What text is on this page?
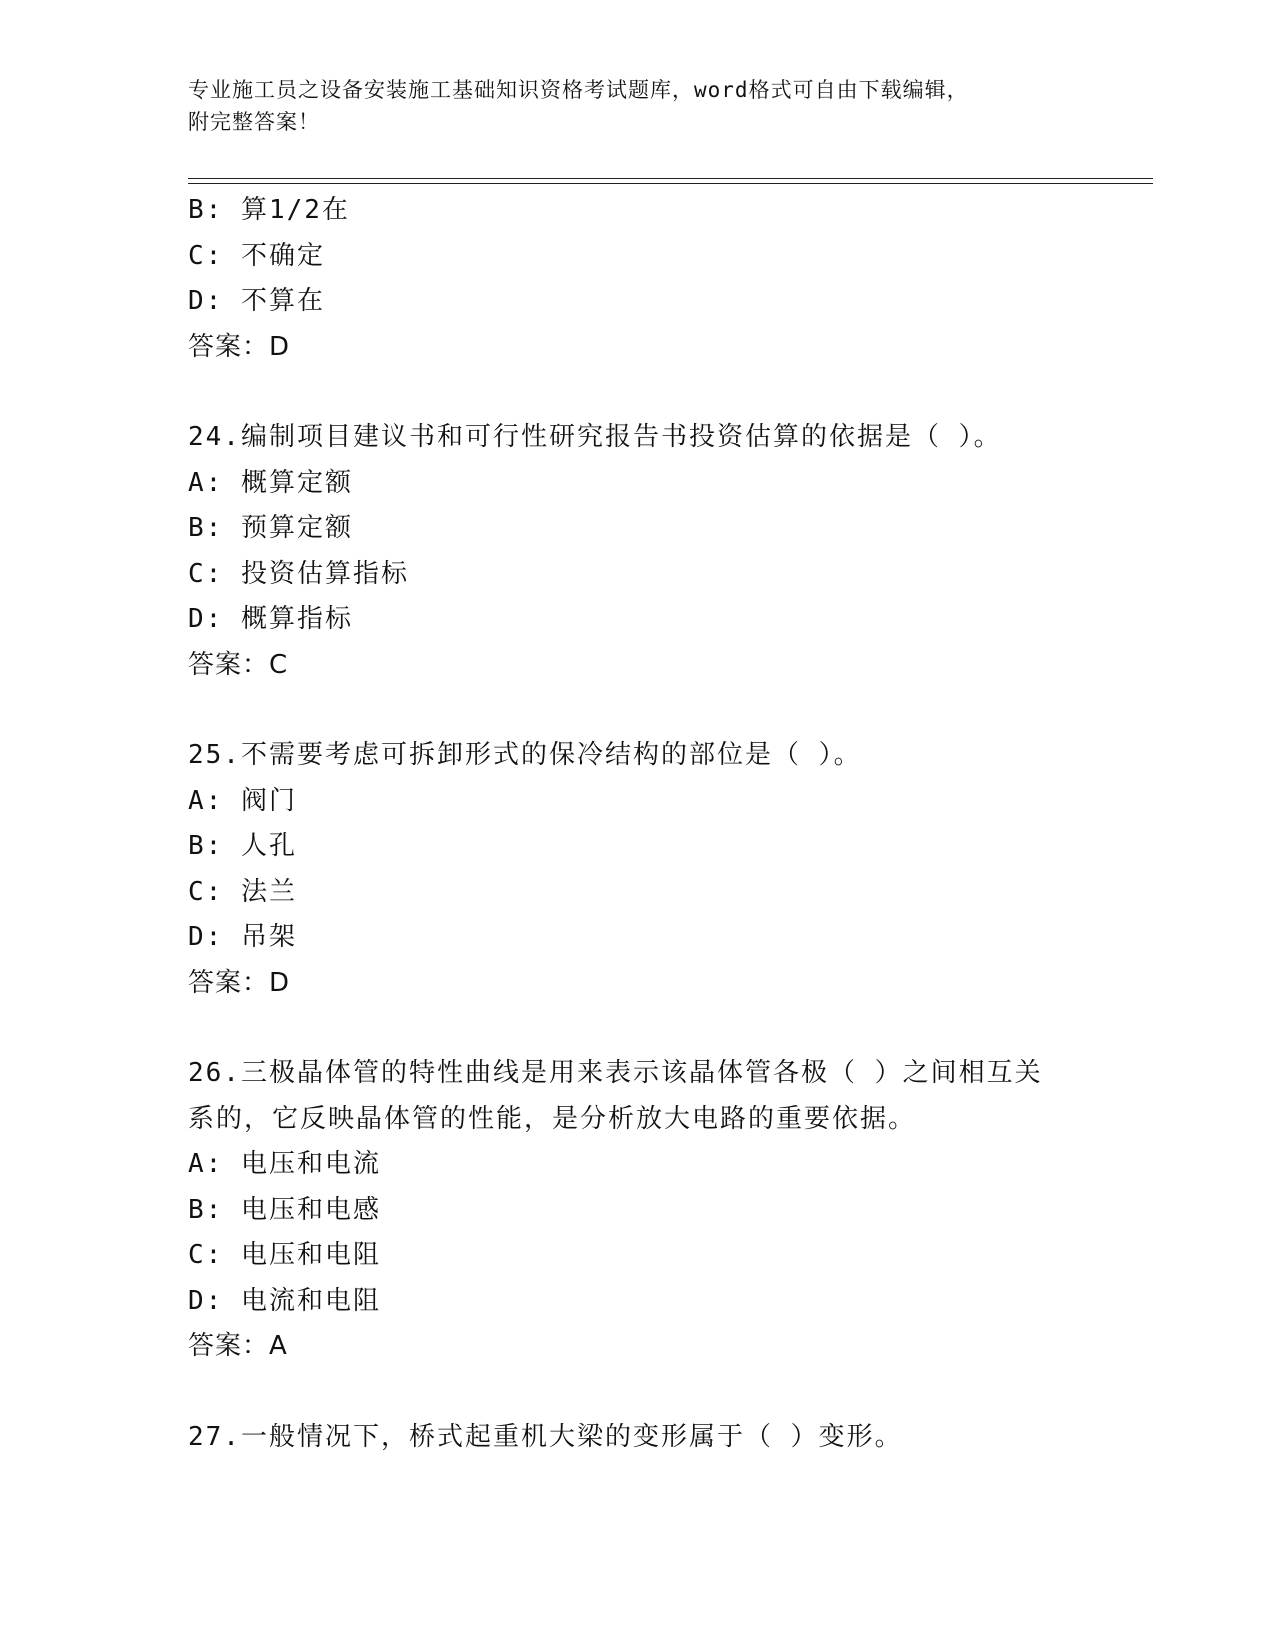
专业施工员之设备安装施工基础知识资格考试题库，word格式可自由下载编辑，
附完整答案！
B: 算1/2在
C: 不确定
D: 不算在
答案：D
24.编制项目建议书和可行性研究报告书投资估算的依据是（ ）。
A: 概算定额
B: 预算定额
C: 投资估算指标
D: 概算指标
答案：C
25.不需要考虑可拆卸形式的保冷结构的部位是（ ）。
A: 阀门
B: 人孔
C: 法兰
D: 吊架
答案：D
26.三极晶体管的特性曲线是用来表示该晶体管各极（ ）之间相互关
系的，它反映晶体管的性能，是分析放大电路的重要依据。
A: 电压和电流
B: 电压和电感
C: 电压和电阻
D: 电流和电阻
答案：A
27.一般情况下，桥式起重机大梁的变形属于（ ）变形。
